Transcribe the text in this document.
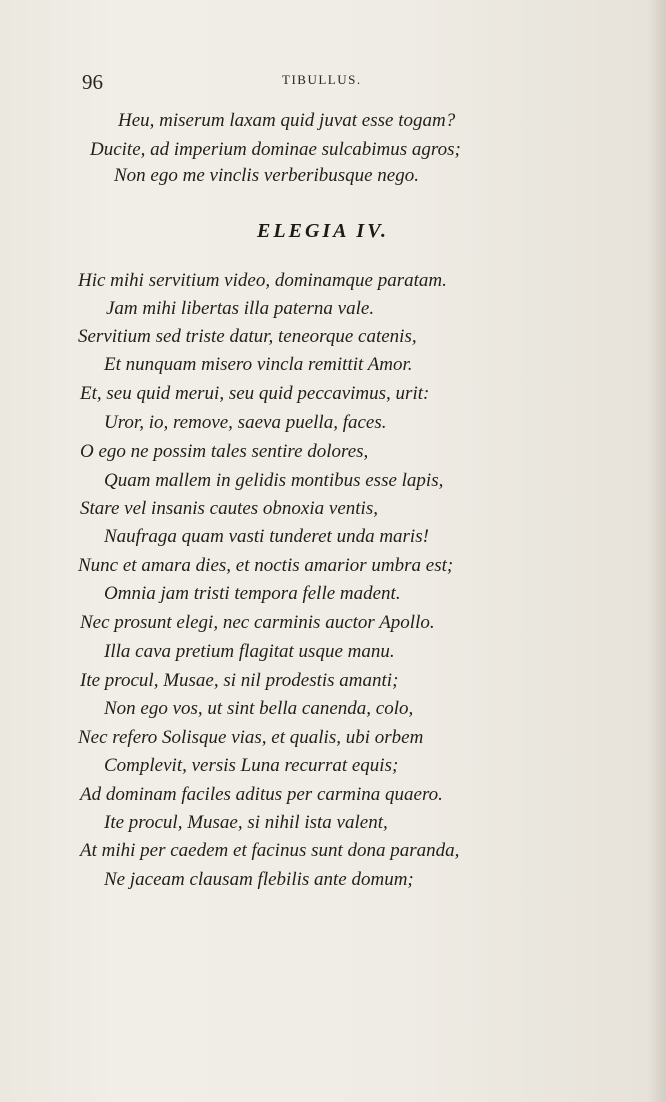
96	TIBULLUS.
Heu, miserum laxam quid juvat esse togam?
Ducite, ad imperium dominae sulcabimus agros;
Non ego me vinclis verberibusque nego.
ELEGIA IV.
Hic mihi servitium video, dominamque paratam.
Jam mihi libertas illa paterna vale.
Servitium sed triste datur, teneorque catenis,
Et nunquam misero vincla remittit Amor.
Et, seu quid merui, seu quid peccavimus, urit:
Uror, io, remove, saeva puella, faces.
O ego ne possim tales sentire dolores,
Quam mallem in gelidis montibus esse lapis,
Stare vel insanis cautes obnoxia ventis,
Naufraga quam vasti tunderet unda maris!
Nunc et amara dies, et noctis amarior umbra est;
Omnia jam tristi tempora felle madent.
Nec prosunt elegi, nec carminis auctor Apollo.
Illa cava pretium flagitat usque manu.
Ite procul, Musae, si nil prodestis amanti;
Non ego vos, ut sint bella canenda, colo,
Nec refero Solisque vias, et qualis, ubi orbem
Complevit, versis Luna recurrat equis;
Ad dominam faciles aditus per carmina quaero.
Ite procul, Musae, si nihil ista valent,
At mihi per caedem et facinus sunt dona paranda,
Ne jaceam clausam flebilis ante domum;
